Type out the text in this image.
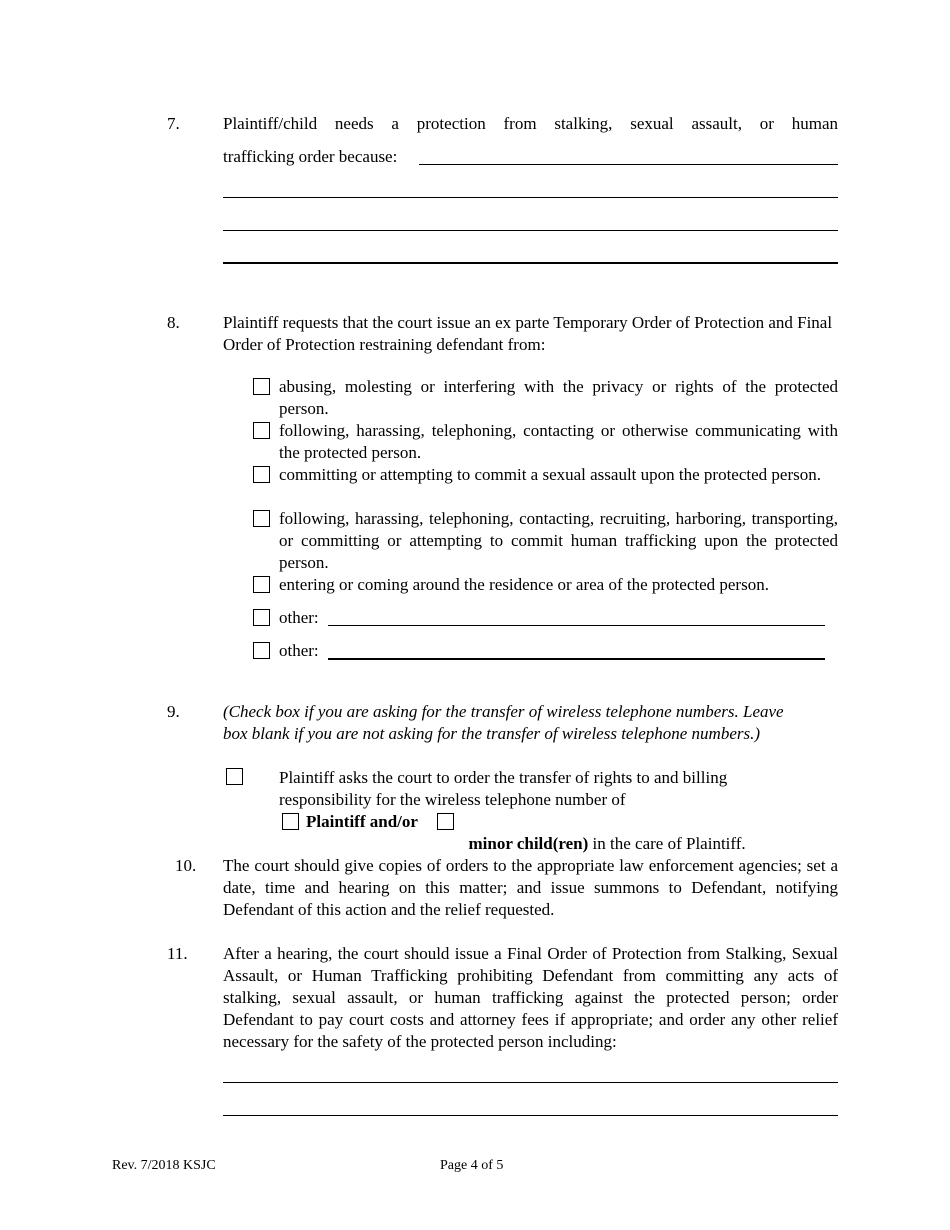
7.	Plaintiff/child needs a protection from stalking, sexual assault, or human
trafficking order because:
8.	Plaintiff requests that the court issue an ex parte Temporary Order of Protection and Final Order of Protection restraining defendant from:
abusing, molesting or interfering with the privacy or rights of the protected person.
following, harassing, telephoning, contacting or otherwise communicating with the protected person.
committing or attempting to commit a sexual assault upon the protected person.
following, harassing, telephoning, contacting, recruiting, harboring, transporting, or committing or attempting to commit human trafficking upon the protected person.
entering or coming around the residence or area of the protected person.
other:
other:
9.	(Check box if you are asking for the transfer of wireless telephone numbers. Leave box blank if you are not asking for the transfer of wireless telephone numbers.)
Plaintiff asks the court to order the transfer of rights to and billing
responsibility for the wireless telephone number of
Plaintiff and/or

minor child(ren) in the care of Plaintiff.

10. The court should give copies of orders to the appropriate law enforcement agencies; set a date, time and hearing on this matter; and issue summons to Defendant, notifying Defendant of this action and the relief requested.
11. After a hearing, the court should issue a Final Order of Protection from Stalking, Sexual Assault, or Human Trafficking prohibiting Defendant from committing any acts of stalking, sexual assault, or human trafficking against the protected person; order Defendant to pay court costs and attorney fees if appropriate; and order any other relief necessary for the safety of the protected person including:
Rev. 7/2018 KSJC	Page 4 of 5
